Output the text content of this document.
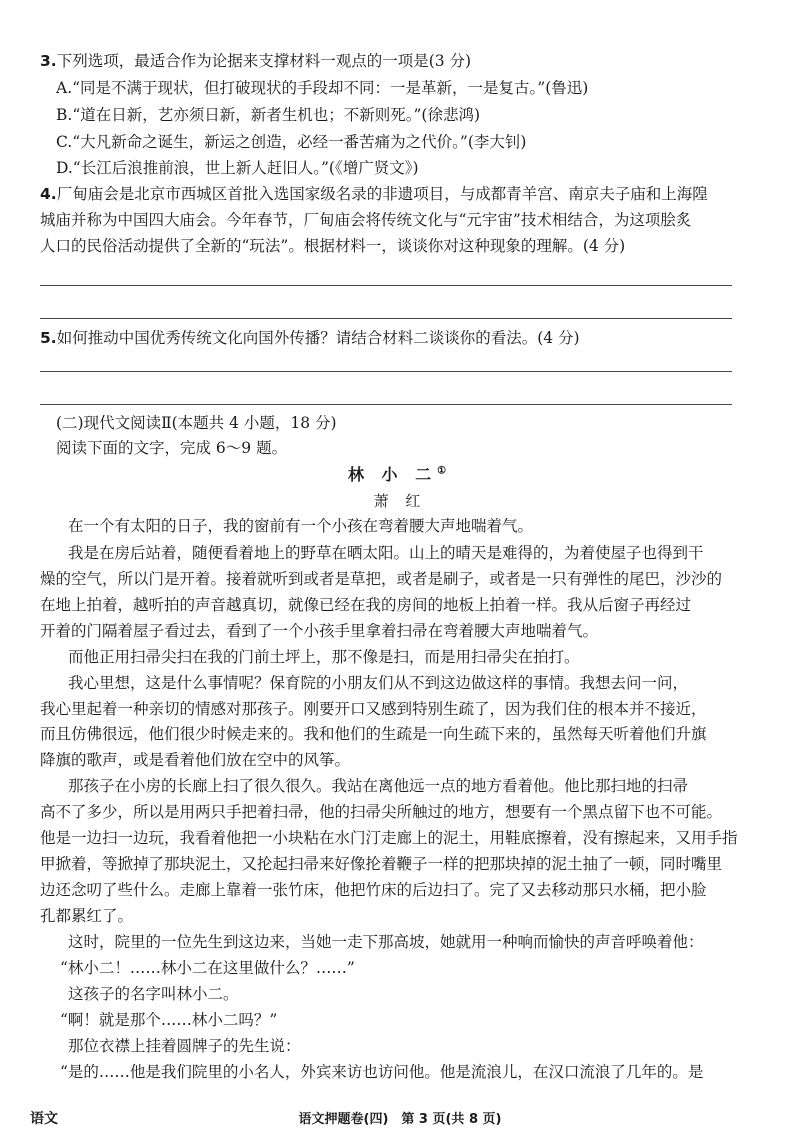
3.下列选项，最适合作为论据来支撑材料一观点的一项是(3 分)
A.“同是不满于现状，但打破现状的手段却不同：一是革新，一是复古。”(鲁迅)
B.“道在日新，艺亦须日新，新者生机也；不新则死。”(徐悲鸿)
C.“大凡新命之诞生，新运之创造，必经一番苦痛为之代价。”(李大钊)
D.“长江后浪推前浪，世上新人赶旧人。”(《增广贤文》)
4.厂甸庙会是北京市西城区首批入选国家级名录的非遗项目，与成都青羊宫、南京夫子庙和上海隍
城庙并称为中国四大庙会。今年春节，厂甸庙会将传统文化与“元宇宙”技术相结合，为这项脍炙
人口的民俗活动提供了全新的“玩法”。根据材料一，谈谈你对这种现象的理解。(4 分)
5.如何推动中国优秀传统文化向国外传播？请结合材料二谈谈你的看法。(4 分)
(二)现代文阅读Ⅱ(本题共 4 小题，18 分)
阅读下面的文字，完成 6～9 题。
林 小 二①
萧 红
在一个有太阳的日子，我的窗前有一个小孩在弯着腰大声地喘着气。
我是在房后站着，随便看着地上的野草在晒太阳。山上的晴天是难得的，为着使屋子也得到干
燥的空气，所以门是开着。接着就听到或者是草把，或者是刷子，或者是一只有弹性的尾巴，沙沙的
在地上拍着，越听拍的声音越真切，就像已经在我的房间的地板上拍着一样。我从后窗子再经过
开着的门隔着屋子看过去，看到了一个小孩手里拿着扫帚在弯着腰大声地喘着气。
而他正用扫帚尖扫在我的门前土坪上，那不像是扫，而是用扫帚尖在拍打。
我心里想，这是什么事情呢？保育院的小朋友们从不到这边做这样的事情。我想去问一问，
我心里起着一种亲切的情感对那孩子。刚要开口又感到特别生疏了，因为我们住的根本并不接近，
而且仿佛很远，他们很少时候走来的。我和他们的生疏是一向生疏下来的，虽然每天听着他们升旗
降旗的歌声，或是看着他们放在空中的风筝。
那孩子在小房的长廊上扫了很久很久。我站在离他远一点的地方看着他。他比那扫地的扫帚
高不了多少，所以是用两只手把着扫帚，他的扫帚尖所触过的地方，想要有一个黑点留下也不可能。
他是一边扫一边玩，我看着他把一小块粘在水门汀走廊上的泥土，用鞋底擦着，没有擦起来，又用手指
甲掀着，等掀掉了那块泥土，又抡起扫帚来好像抡着鞭子一样的把那块掉的泥土抽了一顿，同时嘴里
边还念叨了些什么。走廊上靠着一张竹床，他把竹床的后边扫了。完了又去移动那只水桶，把小脸
孔都累红了。
这时，院里的一位先生到这边来，当她一走下那高坡，她就用一种响而愉快的声音呼唤着他：
“林小二！……林小二在这里做什么？……”
这孩子的名字叫林小二。
“啊！就是那个……林小二吗？”
那位衣襟上挂着圆牌子的先生说：
“是的……他是我们院里的小名人，外宾来访也访问他。他是流浪儿，在汉口流浪了几年的。是
语文	语文押题卷(四)　第 3 页(共 8 页)
